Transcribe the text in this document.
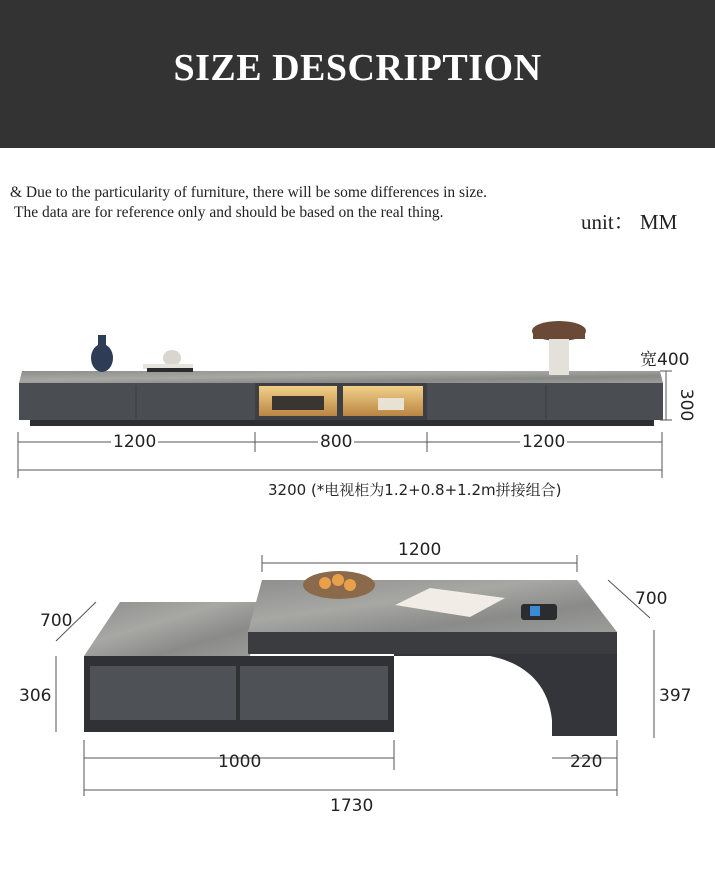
SIZE DESCRIPTION
& Due to the particularity of furniture, there will be some differences in size.
The data are for reference only and should be based on the real thing.	unit： MM
宽400
300
1200	800	1200
3200 (*电视柜为1.2+0.8+1.2m拼接组合)
1200
700
700
306	397
1000	220
1730
